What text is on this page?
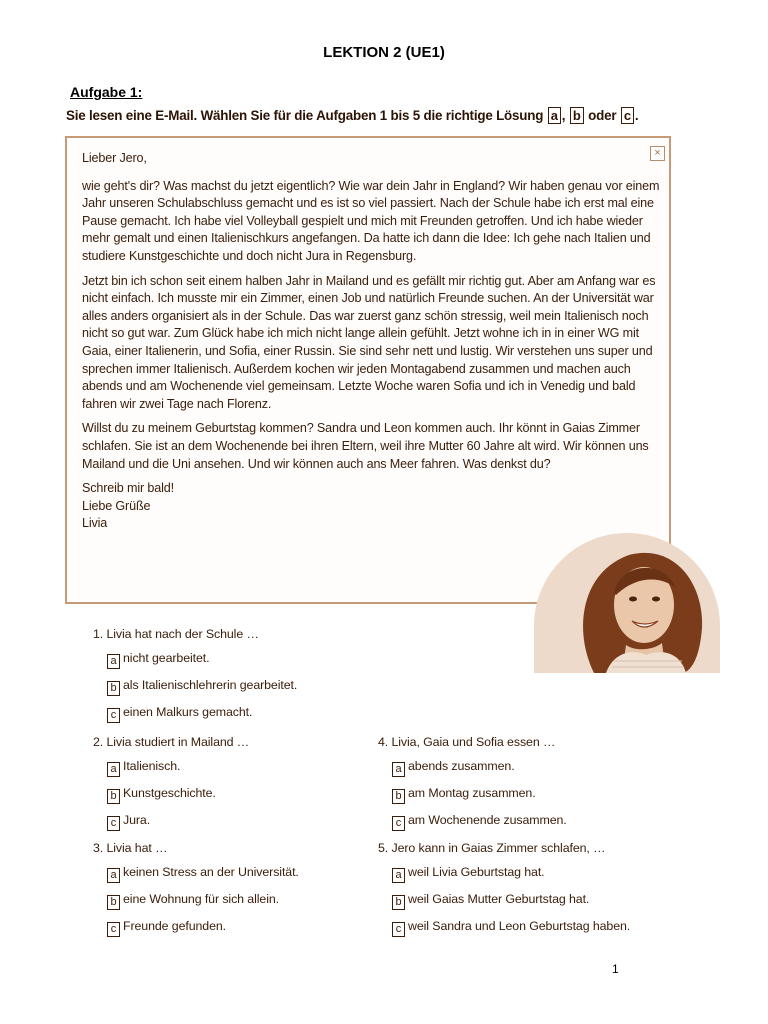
LEKTION 2 (UE1)
Aufgabe 1:
Sie lesen eine E-Mail. Wählen Sie für die Aufgaben 1 bis 5 die richtige Lösung a , b oder c .
×

Lieber Jero,

wie geht's dir? Was machst du jetzt eigentlich? Wie war dein Jahr in England? Wir haben genau vor einem Jahr unseren Schulabschluss gemacht und es ist so viel passiert. Nach der Schule habe ich erst mal eine Pause gemacht. Ich habe viel Volleyball gespielt und mich mit Freunden getroffen. Und ich habe wieder mehr gemalt und einen Italienischkurs angefangen. Da hatte ich dann die Idee: Ich gehe nach Italien und studiere Kunstgeschichte und doch nicht Jura in Regensburg.

Jetzt bin ich schon seit einem halben Jahr in Mailand und es gefällt mir richtig gut. Aber am Anfang war es nicht einfach. Ich musste mir ein Zimmer, einen Job und natürlich Freunde suchen. An der Universität war alles anders organisiert als in der Schule. Das war zuerst ganz schön stressig, weil mein Italienisch noch nicht so gut war. Zum Glück habe ich mich nicht lange allein gefühlt. Jetzt wohne ich in in einer WG mit Gaia, einer Italienerin, und Sofia, einer Russin. Sie sind sehr nett und lustig. Wir verstehen uns super und sprechen immer Italienisch. Außerdem kochen wir jeden Montagabend zusammen und machen auch abends und am Wochenende viel gemeinsam. Letzte Woche waren Sofia und ich in Venedig und bald fahren wir zwei Tage nach Florenz.

Willst du zu meinem Geburtstag kommen? Sandra und Leon kommen auch. Ihr könnt in Gaias Zimmer schlafen. Sie ist an dem Wochenende bei ihren Eltern, weil ihre Mutter 60 Jahre alt wird. Wir können uns Mailand und die Uni ansehen. Und wir können auch ans Meer fahren. Was denkst du?

Schreib mir bald!

Liebe Grüße

Livia

1. Livia hat nach der Schule …
a nicht gearbeitet.
b als Italienischlehrerin gearbeitet.
c einen Malkurs gemacht.
2. Livia studiert in Mailand …
a Italienisch.
b Kunstgeschichte.
c Jura.
3. Livia hat …
a keinen Stress an der Universität.
b eine Wohnung für sich allein.
c Freunde gefunden.
4. Livia, Gaia und Sofia essen …
a abends zusammen.
b am Montag zusammen.
c am Wochenende zusammen.
5. Jero kann in Gaias Zimmer schlafen, …
a weil Livia Geburtstag hat.
b weil Gaias Mutter Geburtstag hat.
c weil Sandra und Leon Geburtstag haben.
1
